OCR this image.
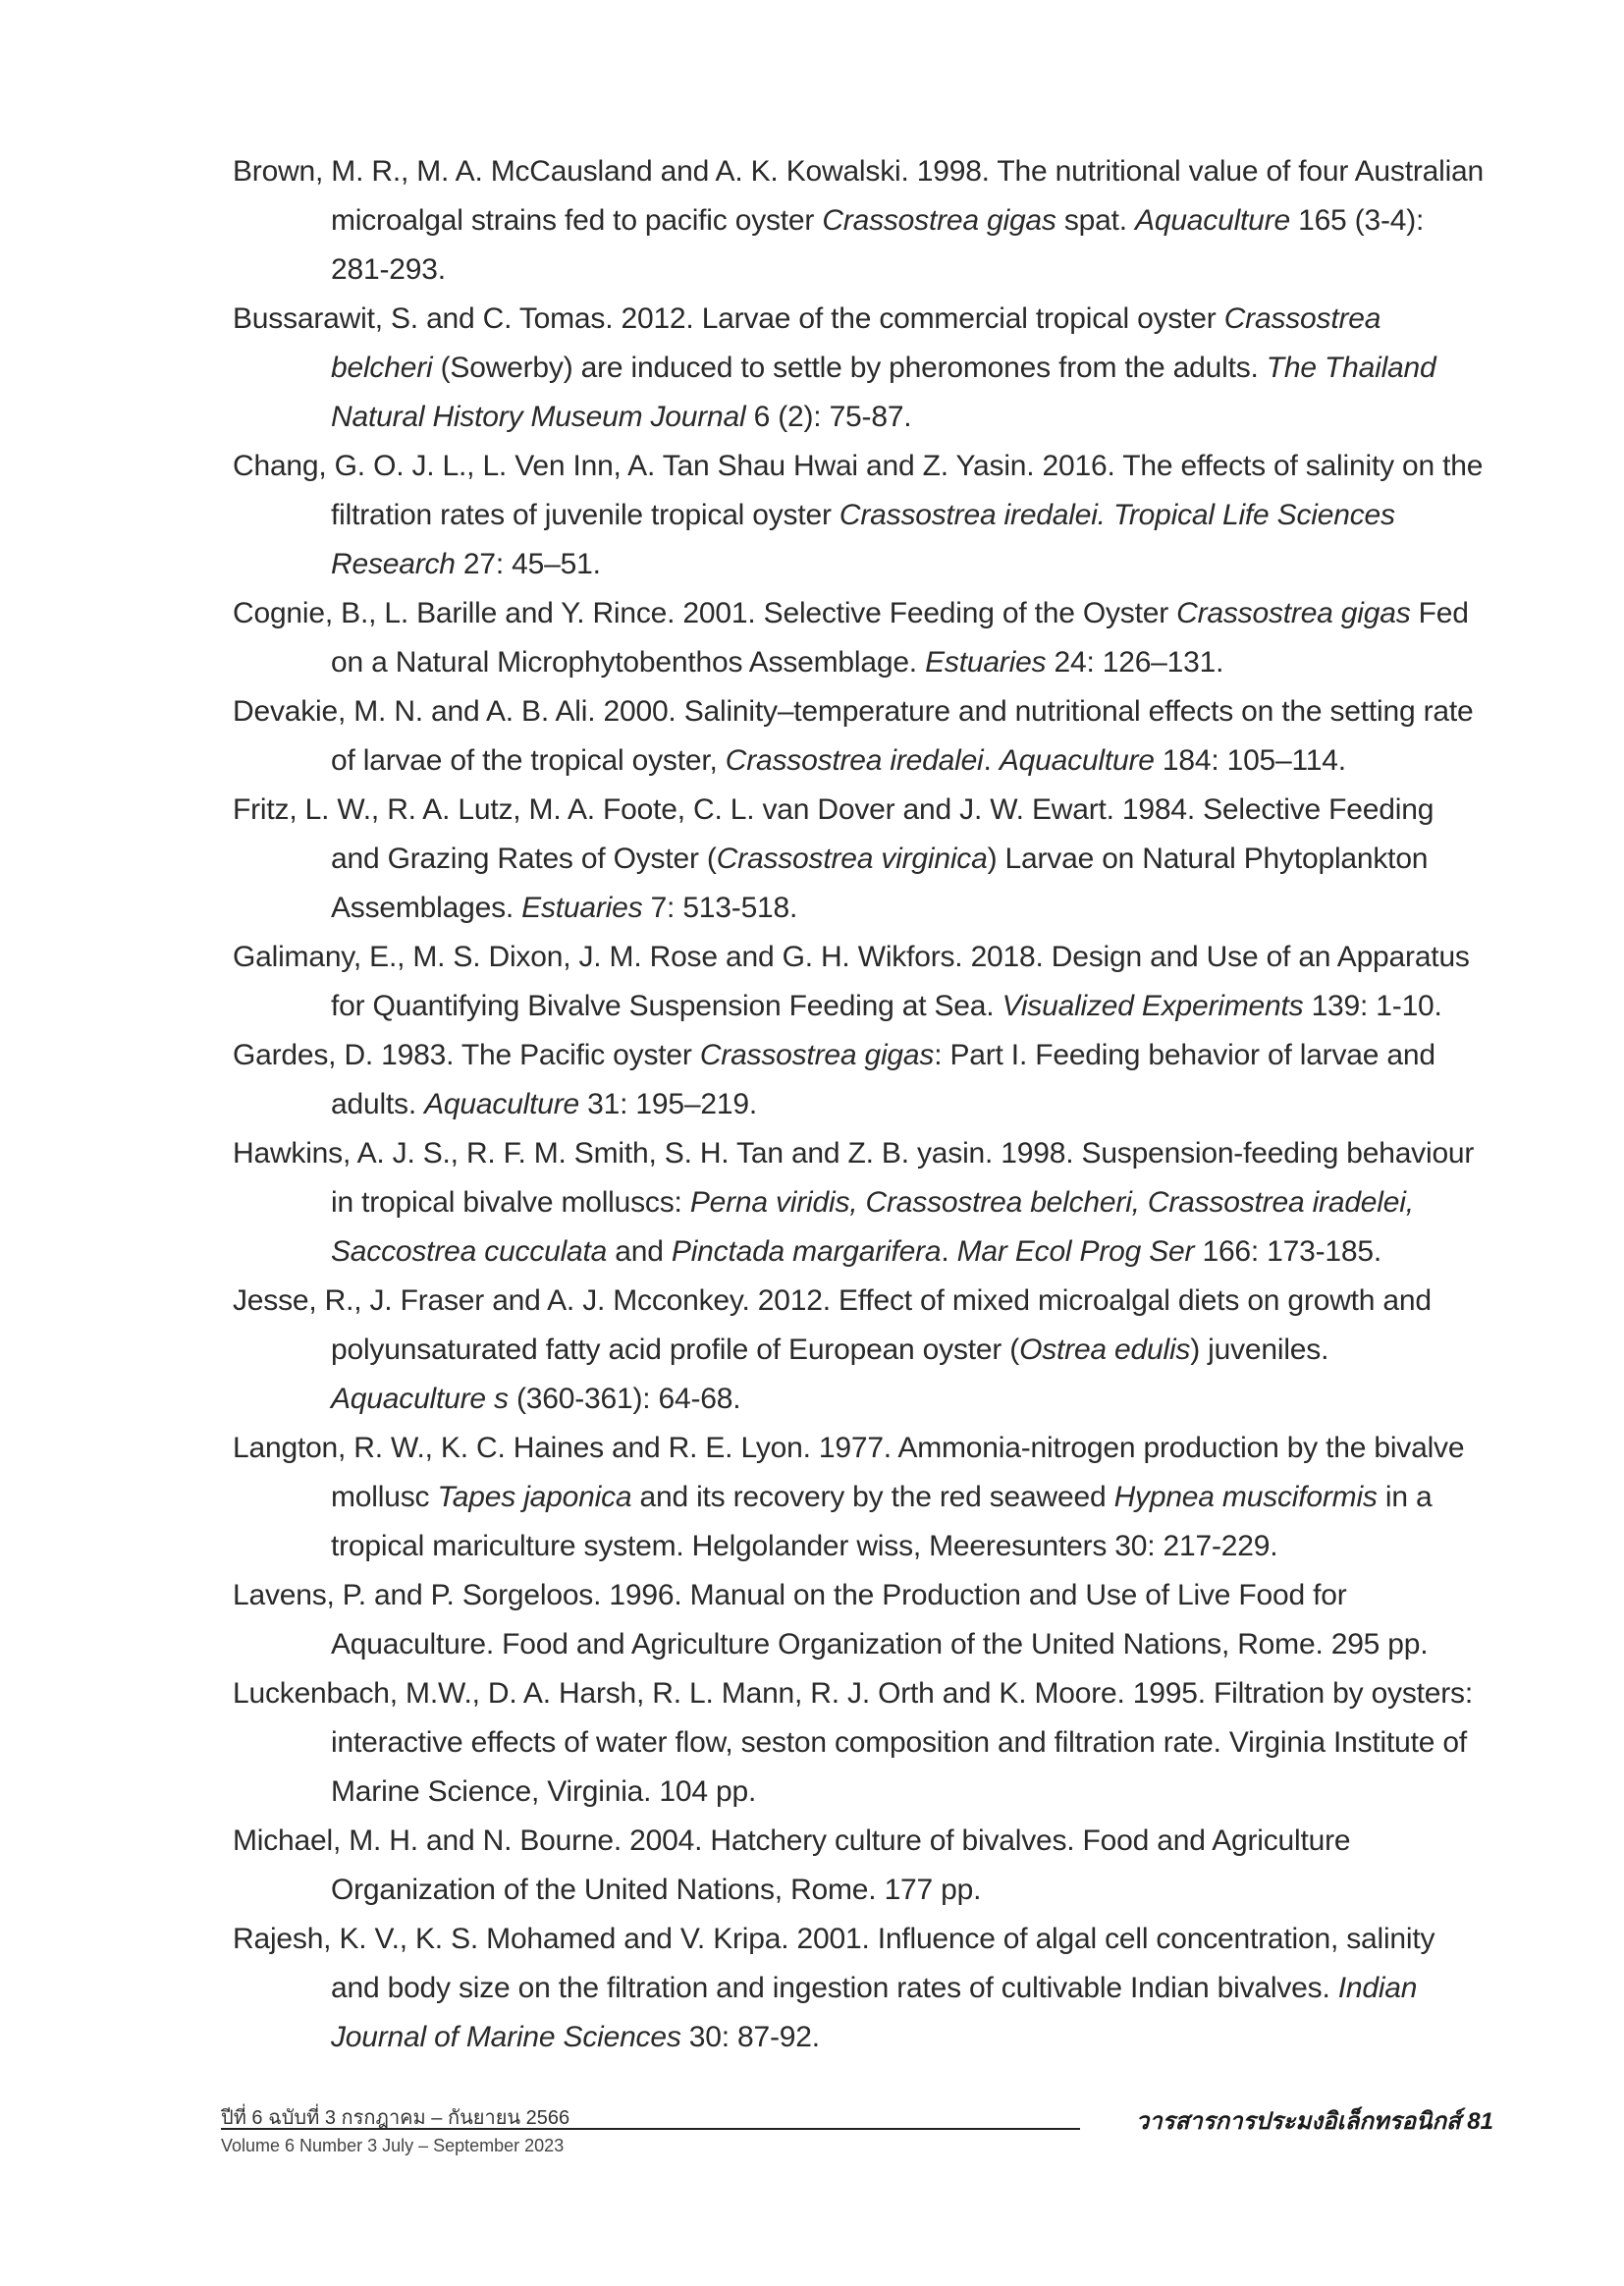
Brown, M. R., M. A. McCausland and A. K. Kowalski. 1998. The nutritional value of four Australian microalgal strains fed to pacific oyster Crassostrea gigas spat. Aquaculture 165 (3-4): 281-293.

Bussarawit, S. and C. Tomas. 2012. Larvae of the commercial tropical oyster Crassostrea belcheri (Sowerby) are induced to settle by pheromones from the adults. The Thailand Natural History Museum Journal 6 (2): 75-87.

Chang, G. O. J. L., L. Ven Inn, A. Tan Shau Hwai and Z. Yasin. 2016. The effects of salinity on the filtration rates of juvenile tropical oyster Crassostrea iredalei. Tropical Life Sciences Research 27: 45–51.

Cognie, B., L. Barille and Y. Rince. 2001. Selective Feeding of the Oyster Crassostrea gigas Fed on a Natural Microphytobenthos Assemblage. Estuaries 24: 126–131.

Devakie, M. N. and A. B. Ali. 2000. Salinity–temperature and nutritional effects on the setting rate of larvae of the tropical oyster, Crassostrea iredalei. Aquaculture 184: 105–114.

Fritz, L. W., R. A. Lutz, M. A. Foote, C. L. van Dover and J. W. Ewart. 1984. Selective Feeding and Grazing Rates of Oyster (Crassostrea virginica) Larvae on Natural Phytoplankton Assemblages. Estuaries 7: 513-518.

Galimany, E., M. S. Dixon, J. M. Rose and G. H. Wikfors. 2018. Design and Use of an Apparatus for Quantifying Bivalve Suspension Feeding at Sea. Visualized Experiments 139: 1-10.

Gardes, D. 1983. The Pacific oyster Crassostrea gigas: Part I. Feeding behavior of larvae and adults. Aquaculture 31: 195–219.

Hawkins, A. J. S., R. F. M. Smith, S. H. Tan and Z. B. yasin. 1998. Suspension-feeding behaviour in tropical bivalve molluscs: Perna viridis, Crassostrea belcheri, Crassostrea iradelei, Saccostrea cucculata and Pinctada margarifera. Mar Ecol Prog Ser 166: 173-185.

Jesse, R., J. Fraser and A. J. Mcconkey. 2012. Effect of mixed microalgal diets on growth and polyunsaturated fatty acid profile of European oyster (Ostrea edulis) juveniles. Aquaculture s (360-361): 64-68.

Langton, R. W., K. C. Haines and R. E. Lyon. 1977. Ammonia-nitrogen production by the bivalve mollusc Tapes japonica and its recovery by the red seaweed Hypnea musciformis in a tropical mariculture system. Helgolander wiss, Meeresunters 30: 217-229.

Lavens, P. and P. Sorgeloos. 1996. Manual on the Production and Use of Live Food for Aquaculture. Food and Agriculture Organization of the United Nations, Rome. 295 pp.

Luckenbach, M.W., D. A. Harsh, R. L. Mann, R. J. Orth and K. Moore. 1995. Filtration by oysters: interactive effects of water flow, seston composition and filtration rate. Virginia Institute of Marine Science, Virginia. 104 pp.

Michael, M. H. and N. Bourne. 2004. Hatchery culture of bivalves. Food and Agriculture Organization of the United Nations, Rome. 177 pp.

Rajesh, K. V., K. S. Mohamed and V. Kripa. 2001. Influence of algal cell concentration, salinity and body size on the filtration and ingestion rates of cultivable Indian bivalves. Indian Journal of Marine Sciences 30: 87-92.

ปีที่ 6 ฉบับที่ 3 กรกฎาคม – กันยายน 2566
Volume 6 Number 3 July – September 2023
วารสารการประมงอิเล็กทรอนิกส์ 81
